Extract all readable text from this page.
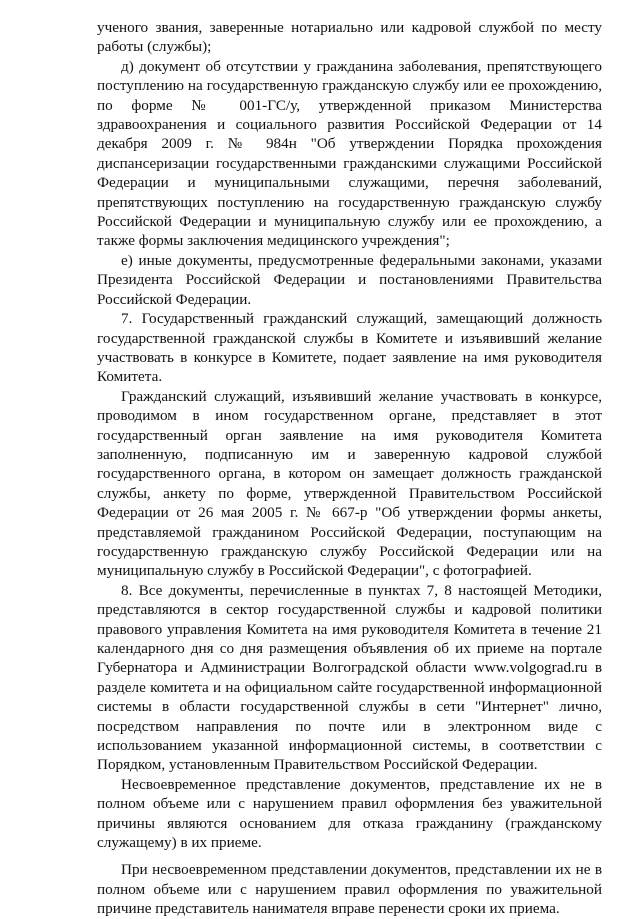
ученого звания, заверенные нотариально или кадровой службой по месту работы (службы);

д) документ об отсутствии у гражданина заболевания, препятствующего поступлению на государственную гражданскую службу или ее прохождению, по форме № 001-ГС/у, утвержденной приказом Министерства здравоохранения и социального развития Российской Федерации от 14 декабря 2009 г. № 984н "Об утверждении Порядка прохождения диспансеризации государственными гражданскими служащими Российской Федерации и муниципальными служащими, перечня заболеваний, препятствующих поступлению на государственную гражданскую службу Российской Федерации и муниципальную службу или ее прохождению, а также формы заключения медицинского учреждения";

е) иные документы, предусмотренные федеральными законами, указами Президента Российской Федерации и постановлениями Правительства Российской Федерации.

7. Государственный гражданский служащий, замещающий должность государственной гражданской службы в Комитете и изъявивший желание участвовать в конкурсе в Комитете, подает заявление на имя руководителя Комитета.

Гражданский служащий, изъявивший желание участвовать в конкурсе, проводимом в ином государственном органе, представляет в этот государственный орган заявление на имя руководителя Комитета заполненную, подписанную им и заверенную кадровой службой государственного органа, в котором он замещает должность гражданской службы, анкету по форме, утвержденной Правительством Российской Федерации от 26 мая 2005 г. № 667-р "Об утверждении формы анкеты, представляемой гражданином Российской Федерации, поступающим на государственную гражданскую службу Российской Федерации или на муниципальную службу в Российской Федерации", с фотографией.

8. Все документы, перечисленные в пунктах 7, 8 настоящей Методики, представляются в сектор государственной службы и кадровой политики правового управления Комитета на имя руководителя Комитета в течение 21 календарного дня со дня размещения объявления об их приеме на портале Губернатора и Администрации Волгоградской области www.volgograd.ru в разделе комитета и на официальном сайте государственной информационной системы в области государственной службы в сети "Интернет" лично, посредством направления по почте или в электронном виде с использованием указанной информационной системы, в соответствии с Порядком, установленным Правительством Российской Федерации.

Несвоевременное представление документов, представление их не в полном объеме или с нарушением правил оформления без уважительной причины являются основанием для отказа гражданину (гражданскому служащему) в их приеме.

При несвоевременном представлении документов, представлении их не в полном объеме или с нарушением правил оформления по уважительной причине представитель нанимателя вправе перенести сроки их приема.
